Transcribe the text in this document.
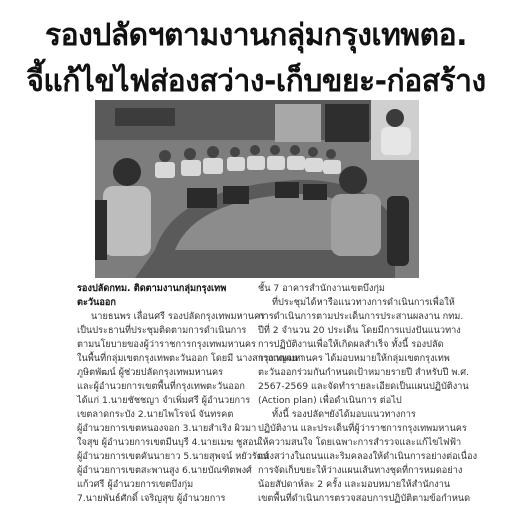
รองปลัดฯตามงานกลุ่มกรุงเทพตอ.
จี้แก้ไขไฟส่องสว่าง-เก็บขยะ-ก่อสร้าง
รองปลัดกทม. ติดตามงานกลุ่มกรุงเทพ
ตะวันออก
นายธนพร เลื่อนศรี รองปลัดกรุงเทพมหานคร
เป็นประธานที่ประชุมติดตามการดำเนินการ
ตามนโยบายของผู้ว่าราชการกรุงเทพมหานคร
ในพื้นที่กลุ่มเขตกรุงเทพตะวันออก โดยมี นางสาวกาญจนา
ภูษิตพัฒน์ ผู้ช่วยปลัดกรุงเทพมหานคร
และผู้อำนวยการเขตพื้นที่กรุงเทพตะวันออก
ได้แก่ 1.นายชัชชญา จำเพิ่มศรี ผู้อำนวยการ
เขตลาดกระบัง 2.นายไพโรจน์ จันทรคต
ผู้อำนวยการเขตหนองจอก 3.นายสำเริง ผิวมา
ใจสุข ผู้อำนวยการเขตมีนบุรี 4.นายเมฆ ชูสอน
ผู้อำนวยการเขตคันนายาว 5.นายสุพจน์ หยัวรัตน์
ผู้อำนวยการเขตสะพานสูง 6.นายบัณฑิตพงศ์
แก้วศรี ผู้อำนวยการเขตบึงกุ่ม
7.นายพันธ์ศักดิ์ เจริญสุข ผู้อำนวยการ
ชั้น 7 อาคารสำนักงานเขตบึงกุ่ม
ที่ประชุมได้หารือแนวทางการดำเนินการเพื่อให้
การดำเนินการตามประเด็นการประสานผลงาน กทม.
ปีที่ 2 จำนวน 20 ประเด็น โดยมีการแบ่งปันแนวทาง
การปฏิบัติงานเพื่อให้เกิดผลสำเร็จ ทั้งนี้ รองปลัด
กรุงเทพมหานคร ได้มอบหมายให้กลุ่มเขตกรุงเทพ
ตะวันออกร่วมกันกำหนดเป้าหมายรายปี สำหรับปี พ.ศ.
2567-2569 และจัดทำรายละเอียดเป็นแผนปฏิบัติงาน
(Action plan) เพื่อดำเนินการ ต่อไป
ทั้งนี้ รองปลัดฯยังได้มอบแนวทางการ
ปฏิบัติงาน และประเด็นที่ผู้ว่าราชการกรุงเทพมหานคร
ให้ความสนใจ โดยเฉพาะการสำรวจและแก้ไขไฟฟ้า
แสงสว่างในถนนและริมคลองให้ดำเนินการอย่างต่อเนื่อง
การจัดเก็บขยะให้ว่างแผนเส้นทางชุดที่การหมดอย่าง
น้อยสัปดาห์ละ 2 ครั้ง และมอบหมายให้สำนักงาน
เขตพื้นที่ดำเนินการตรวจสอบการปฏิบัติตามข้อกำหนด
